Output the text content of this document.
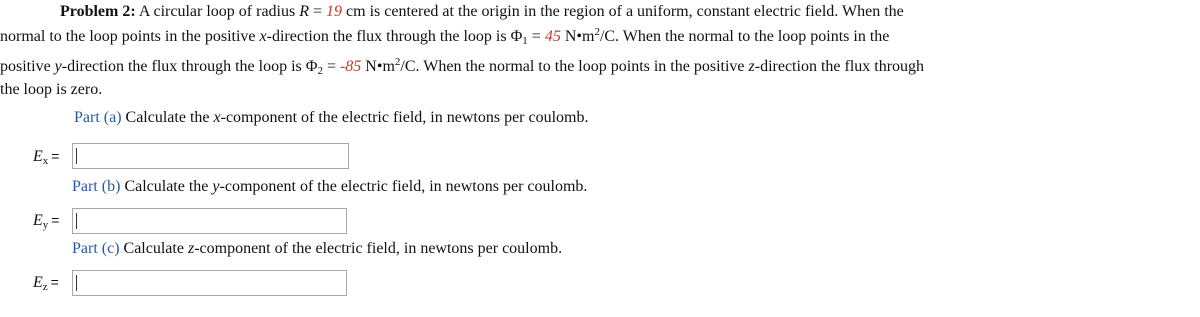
Problem 2: A circular loop of radius R = 19 cm is centered at the origin in the region of a uniform, constant electric field. When the
normal to the loop points in the positive x-direction the flux through the loop is $\Phi_1 = 45$ $N•m^2/C$. When the normal to the loop points in the
positive y-direction the flux through the loop is $\Phi_2 = -85$ $N•m^2/C$. When the normal to the loop points in the positive z-direction the flux through
the loop is zero.
Part (a) Calculate the x-component of the electric field, in newtons per coulomb.
$E_x$ =
Part (b) Calculate the y-component of the electric field, in newtons per coulomb.
$E_y$ =
Part (c) Calculate z-component of the electric field, in newtons per coulomb.
$E_z$ =
